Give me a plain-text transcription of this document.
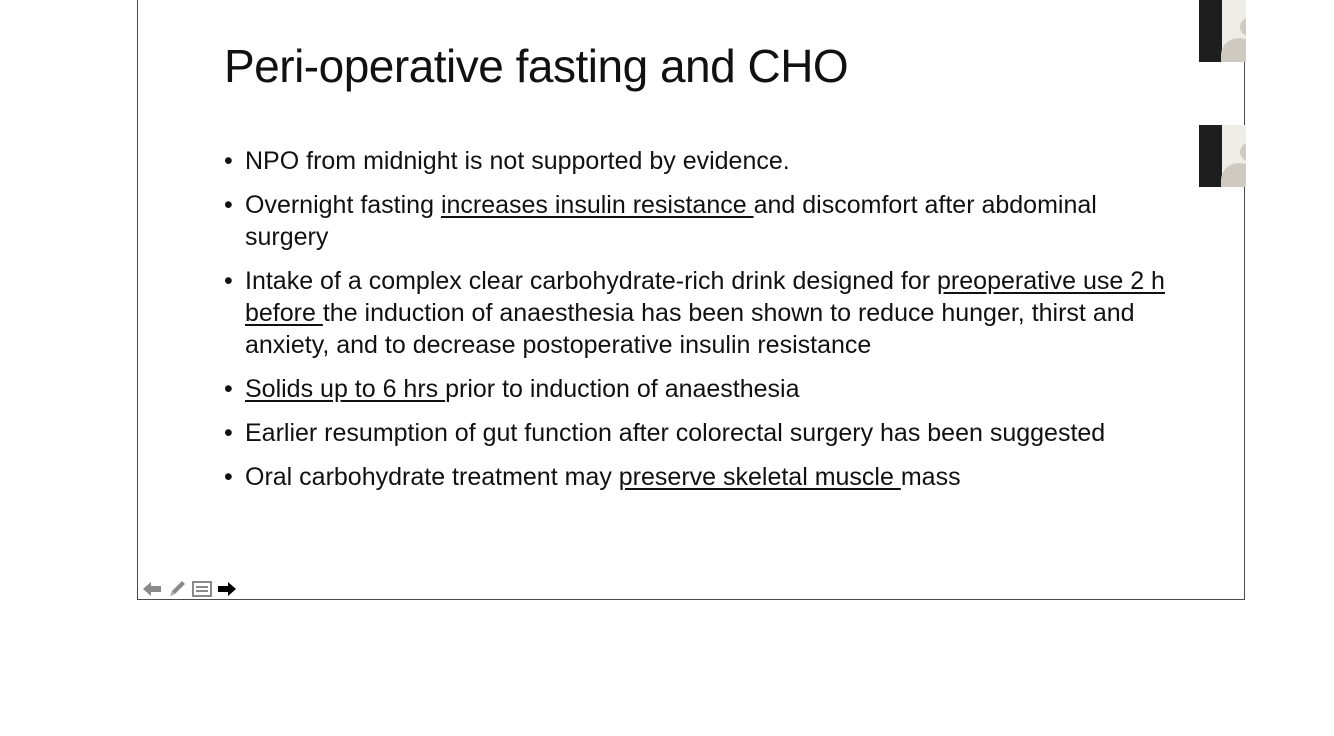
Peri-operative fasting and CHO
• NPO from midnight is not supported by evidence.
• Overnight fasting increases insulin resistance and discomfort after abdominal surgery
• Intake of a complex clear carbohydrate-rich drink designed for preoperative use 2 h before the induction of anaesthesia has been shown to reduce hunger, thirst and anxiety, and to decrease postoperative insulin resistance
• Solids up to 6 hrs prior to induction of anaesthesia
• Earlier resumption of gut function after colorectal surgery has been suggested
• Oral carbohydrate treatment may preserve skeletal muscle mass
